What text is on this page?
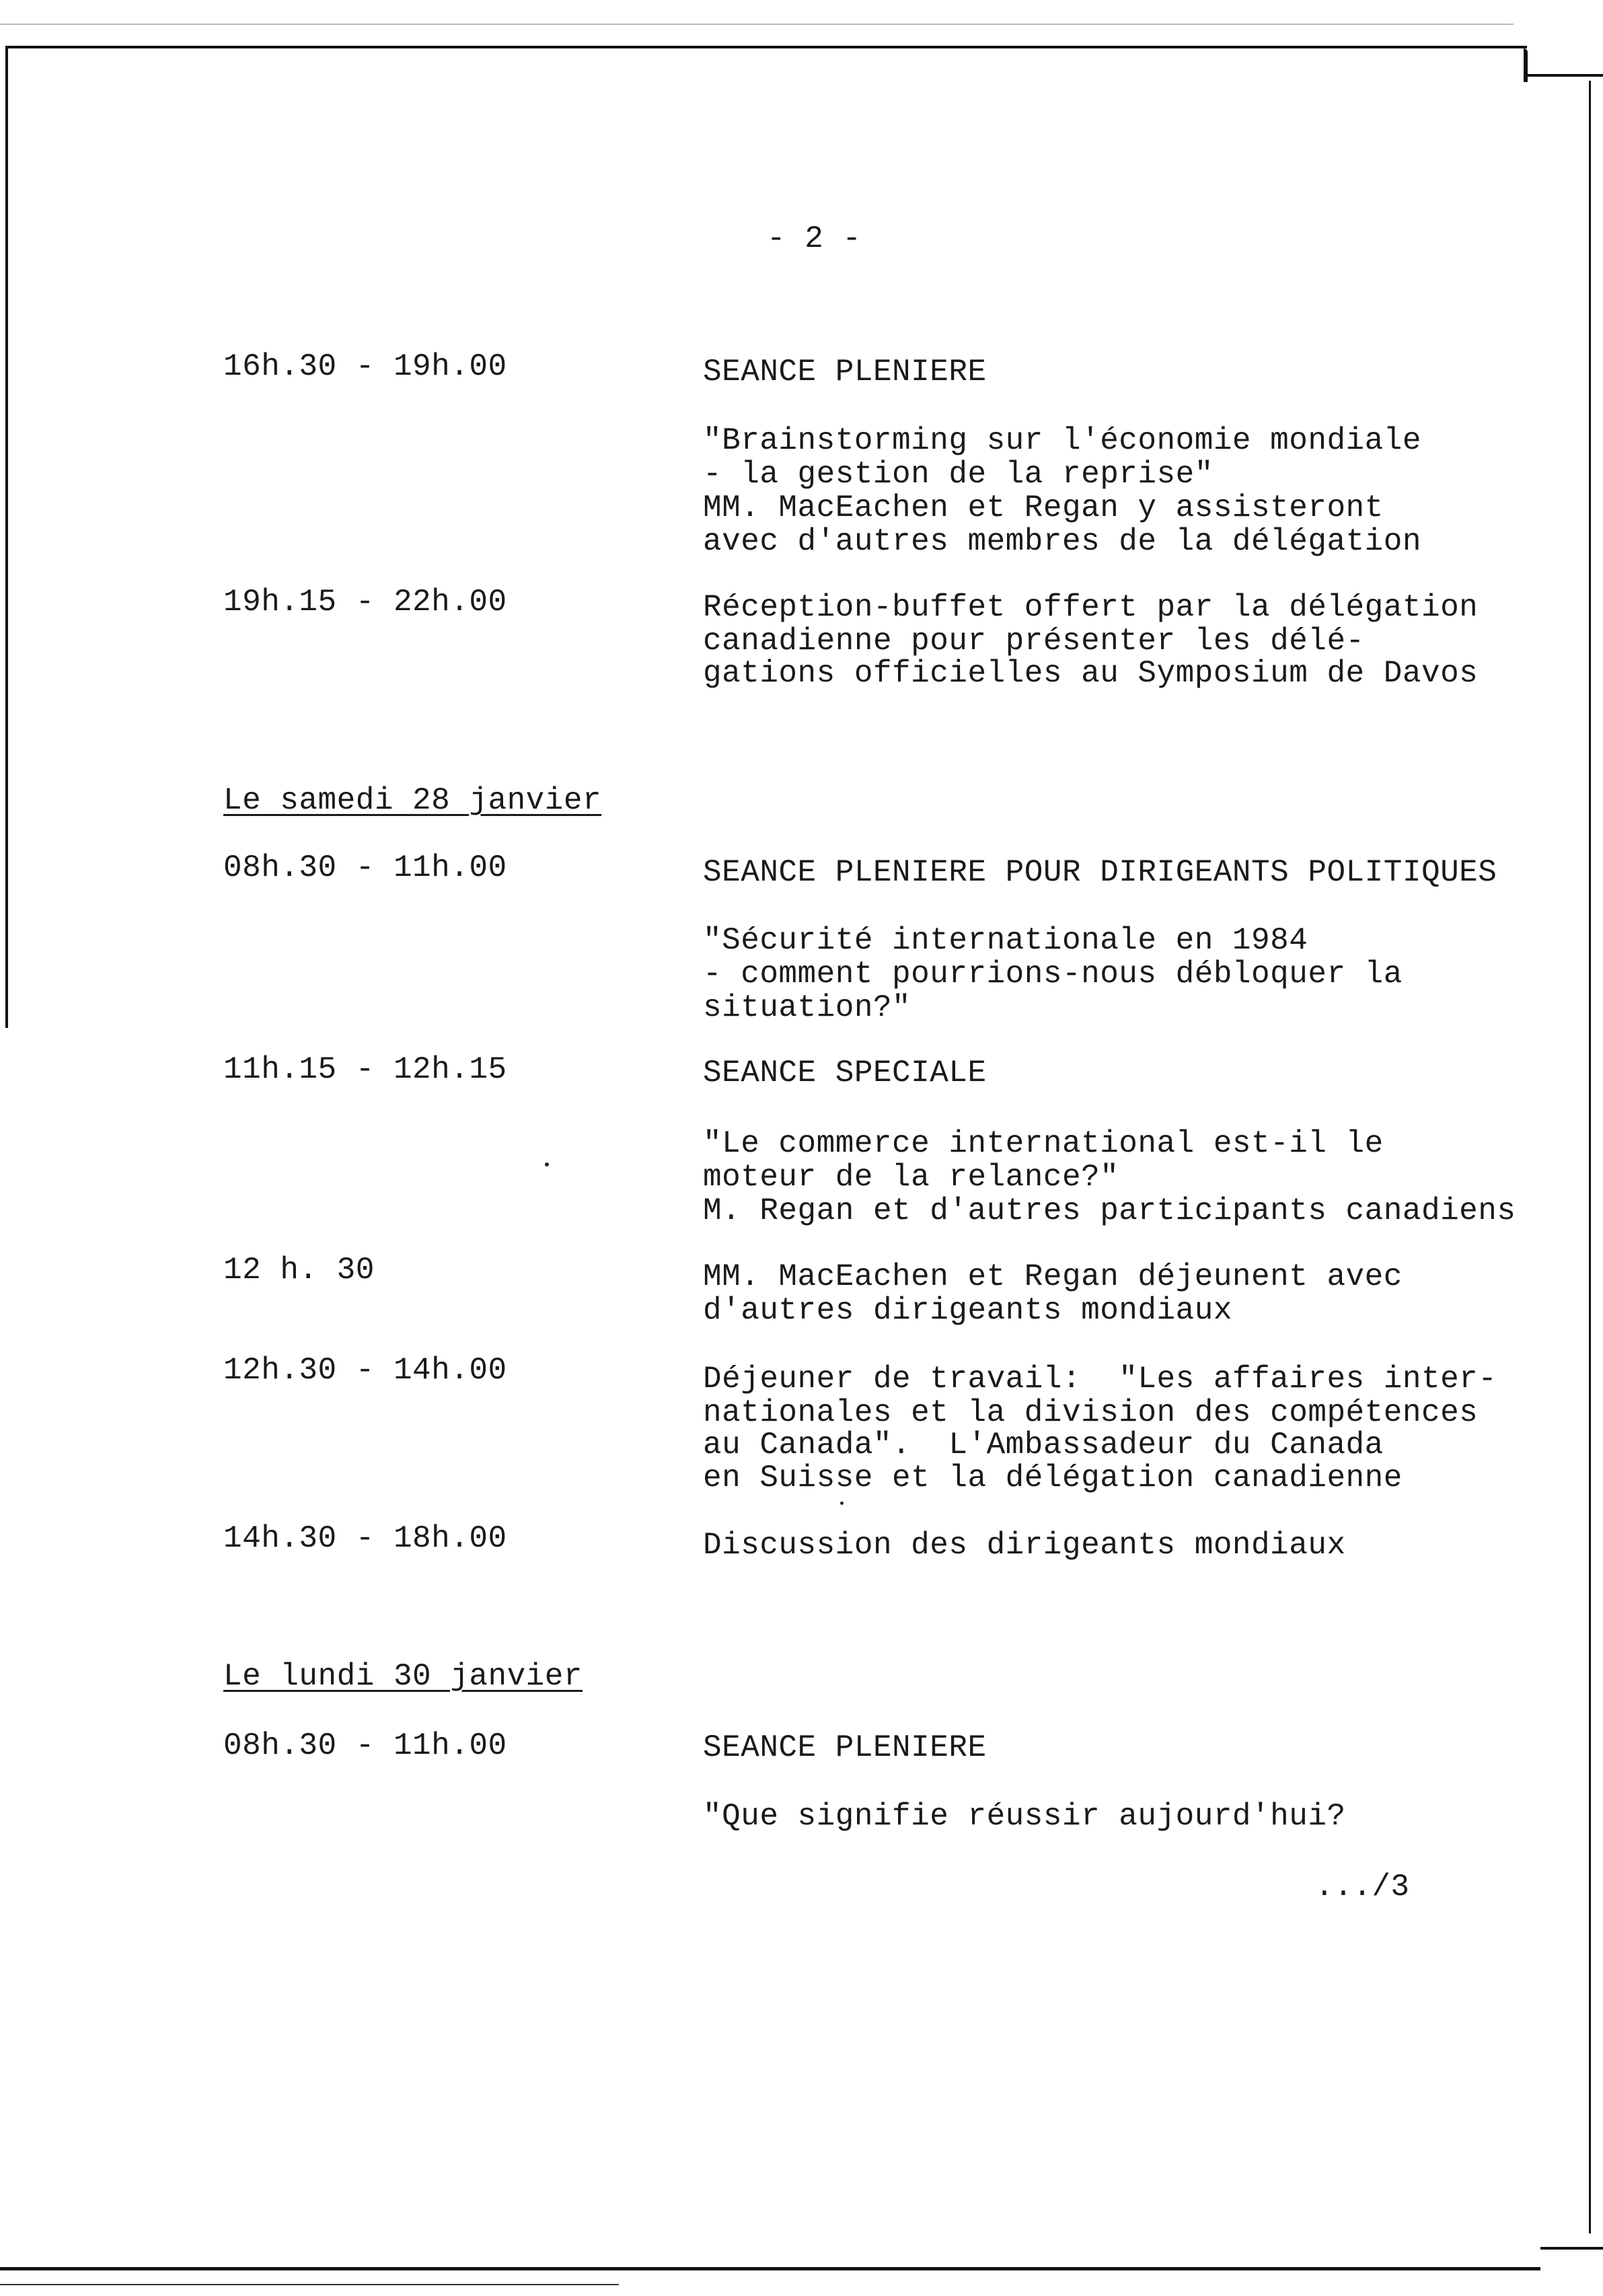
- 2 -
16h.30 - 19h.00	SEANCE PLENIERE
"Brainstorming sur l'économie mondiale
- la gestion de la reprise"
MM. MacEachen et Regan y assisteront
avec d'autres membres de la délégation
19h.15 - 22h.00	Réception-buffet offert par la délégation
canadienne pour présenter les délé-
gations officielles au Symposium de Davos
Le samedi 28 janvier
08h.30 - 11h.00	SEANCE PLENIERE POUR DIRIGEANTS POLITIQUES
"Sécurité internationale en 1984
- comment pourrions-nous débloquer la
situation?"
11h.15 - 12h.15	SEANCE SPECIALE
"Le commerce international est-il le
moteur de la relance?"
M. Regan et d'autres participants canadiens
12 h. 30	MM. MacEachen et Regan déjeunent avec
d'autres dirigeants mondiaux
12h.30 - 14h.00	Déjeuner de travail:  "Les affaires inter-
nationales et la division des compétences
au Canada".  L'Ambassadeur du Canada
en Suisse et la délégation canadienne
14h.30 - 18h.00	Discussion des dirigeants mondiaux
Le lundi 30 janvier
08h.30 - 11h.00	SEANCE PLENIERE
"Que signifie réussir aujourd'hui?
.../3
